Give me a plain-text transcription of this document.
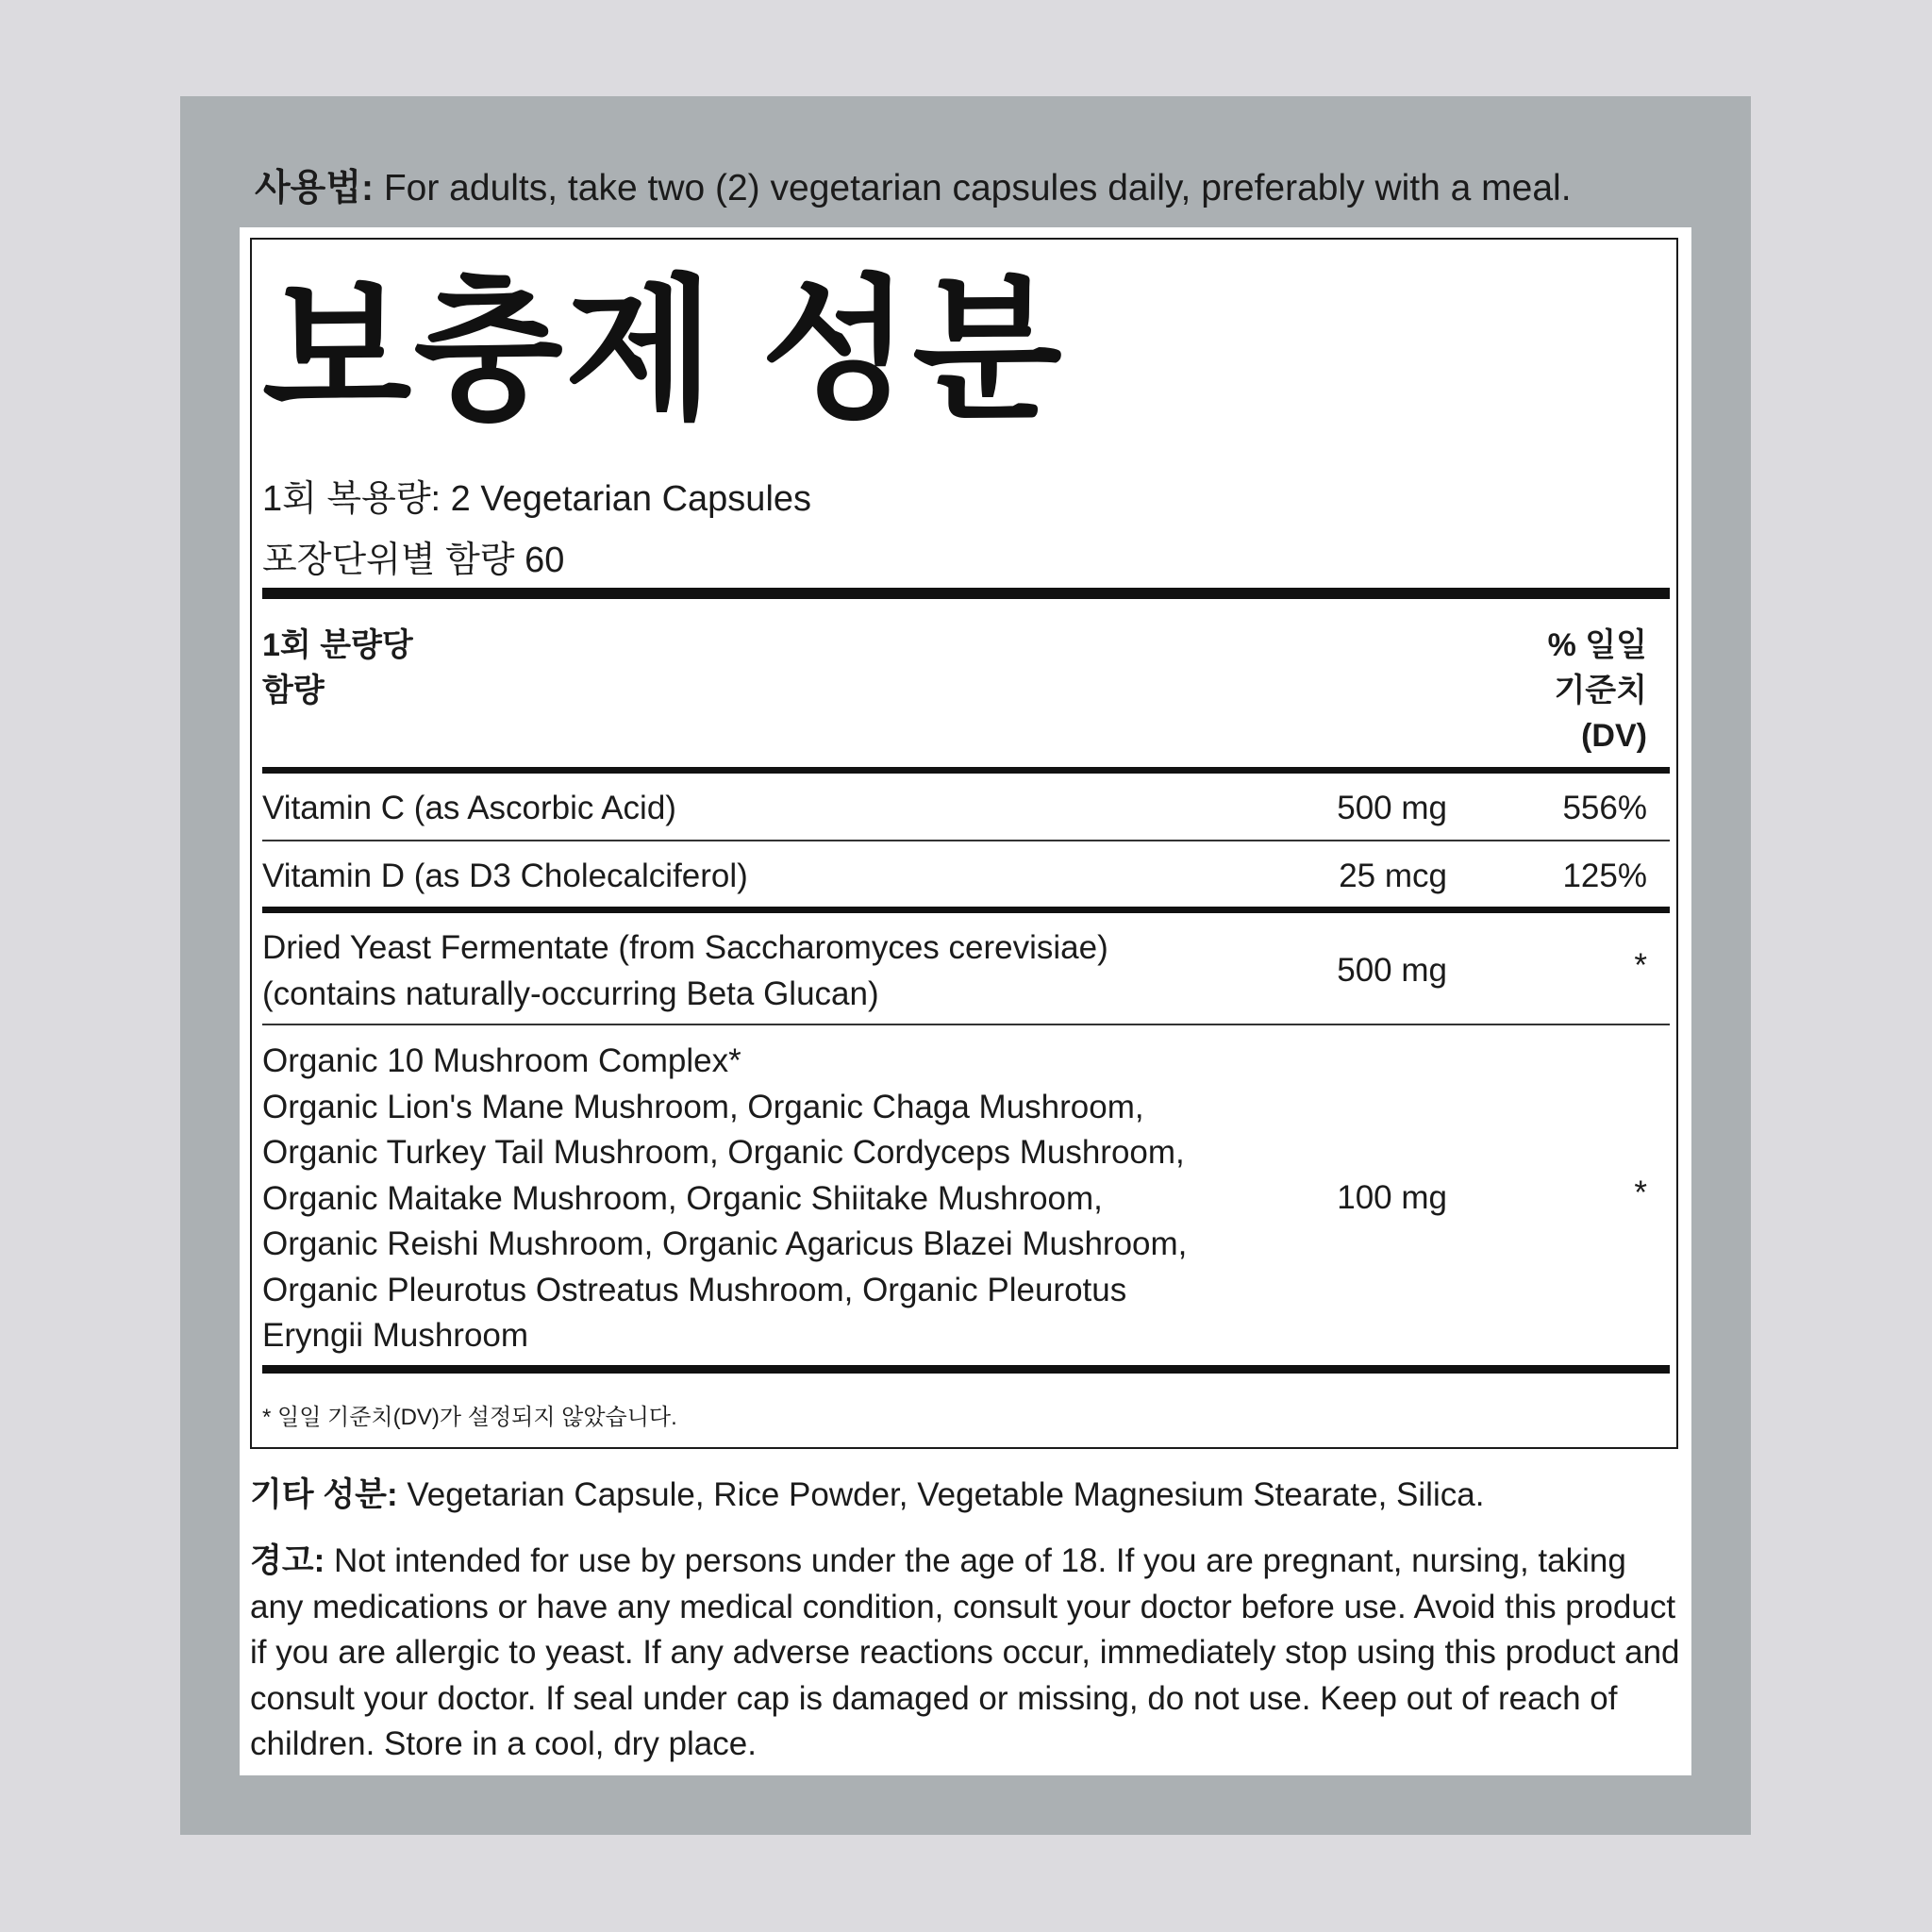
사용법: For adults, take two (2) vegetarian capsules daily, preferably with a meal.
보충제 성분
1회 복용량: 2 Vegetarian Capsules
포장단위별 함량 60
1회 분량당
함량
% 일일
기준치
(DV)
Vitamin C (as Ascorbic Acid)	500 mg	556%
Vitamin D (as D3 Cholecalciferol)	25 mcg	125%
Dried Yeast Fermentate (from Saccharomyces cerevisiae)
(contains naturally-occurring Beta Glucan)
500 mg	*
Organic 10 Mushroom Complex*
Organic Lion's Mane Mushroom, Organic Chaga Mushroom,
Organic Turkey Tail Mushroom, Organic Cordyceps Mushroom,
Organic Maitake Mushroom, Organic Shiitake Mushroom,
Organic Reishi Mushroom, Organic Agaricus Blazei Mushroom,
Organic Pleurotus Ostreatus Mushroom, Organic Pleurotus
Eryngii Mushroom
100 mg	*
* 일일 기준치(DV)가 설정되지 않았습니다.
기타 성분: Vegetarian Capsule, Rice Powder, Vegetable Magnesium Stearate, Silica.
경고: Not intended for use by persons under the age of 18. If you are pregnant, nursing, taking any medications or have any medical condition, consult your doctor before use. Avoid this product if you are allergic to yeast. If any adverse reactions occur, immediately stop using this product and consult your doctor. If seal under cap is damaged or missing, do not use. Keep out of reach of children. Store in a cool, dry place.
